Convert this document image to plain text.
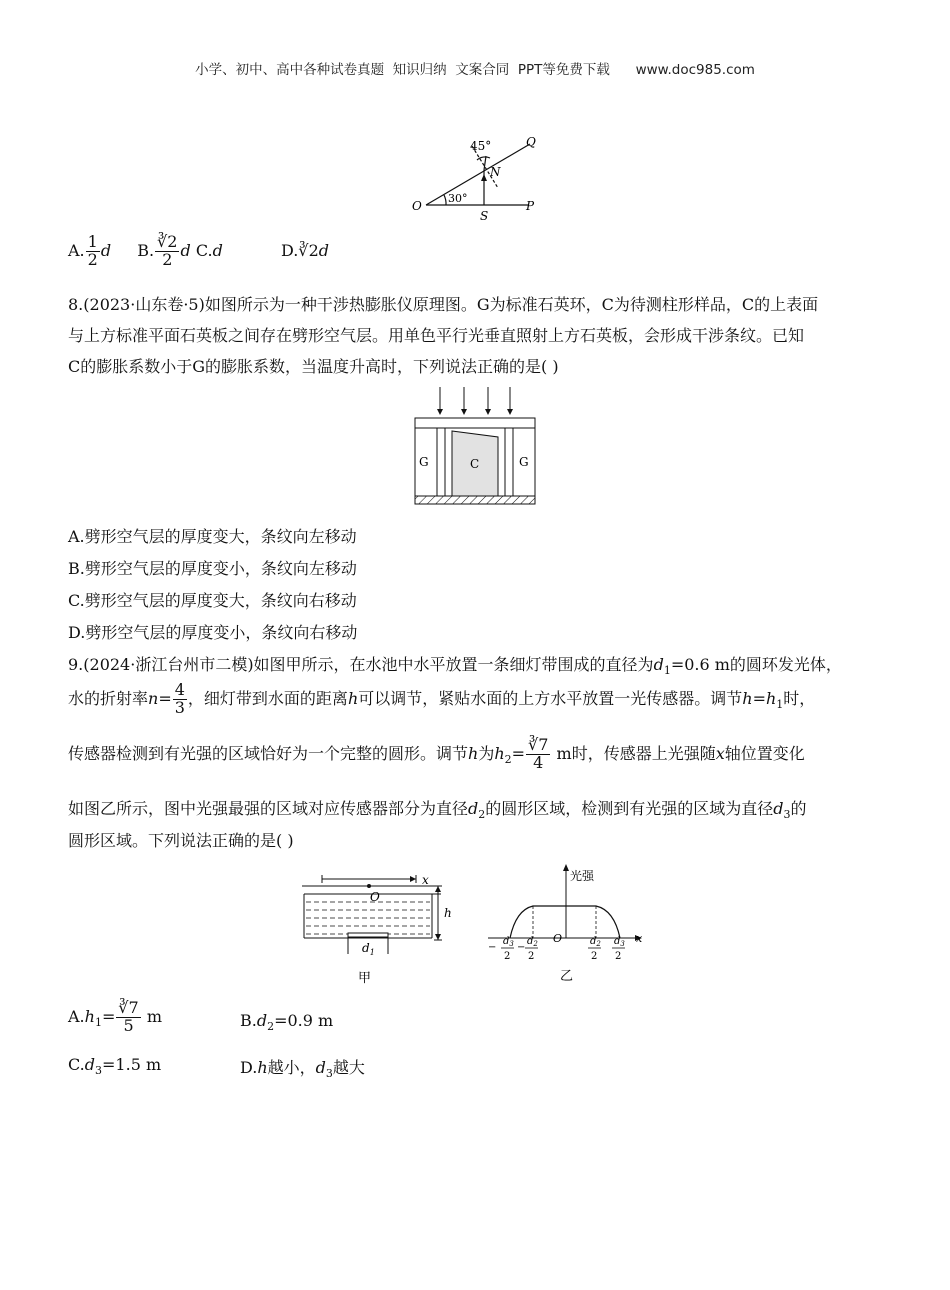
小学、初中、高中各种试卷真题  知识归纳  文案合同  PPT等免费下载      www.doc985.com
45°	Q
N
O
30°
S
P
A. $\frac{1}{2}$ d B. $\frac{∛2}{2}$ d C.d	D.∛2d
8.(2023·山东卷·5)如图所示为一种干涉热膨胀仪原理图。G为标准石英环，C为待测柱形样品，C的上表面
与上方标准平面石英板之间存在劈形空气层。用单色平行光垂直照射上方石英板，会形成干涉条纹。已知
C的膨胀系数小于G的膨胀系数，当温度升高时，下列说法正确的是( )
G	C	G
A.劈形空气层的厚度变大，条纹向左移动
B.劈形空气层的厚度变小，条纹向左移动
C.劈形空气层的厚度变大，条纹向右移动
D.劈形空气层的厚度变小，条纹向右移动
9.(2024·浙江台州市二模)如图甲所示，在水池中水平放置一条细灯带围成的直径为$d_1=0.6$ m的圆环发光体，
水的折射率$n= \frac{4}{3}$ ，细灯带到水面的距离h可以调节，紧贴水面的上方水平放置一光传感器。调节$h=h_1$时，
传感器检测到有光强的区域恰好为一个完整的圆形。调节h为$h_2= \frac{∛7}{4}$ m时，传感器上光强随x轴位置变化
如图乙所示，图中光强最强的区域对应传感器部分为直径$d_2$的圆形区域，检测到有光强的区域为直径$d_3$的
圆形区域。下列说法正确的是( )
O
x
h
$d_1$
甲
光强
x
O
−
$d_3$
2
−
$d_2$
2
$d_2$
2
$d_3$
2
乙
$A.h_1= \frac{∛7}{5}$ m	$B.d_2=0.9$ m
$C.d_3=1.5$ m	D.h越小，$d_3$越大
